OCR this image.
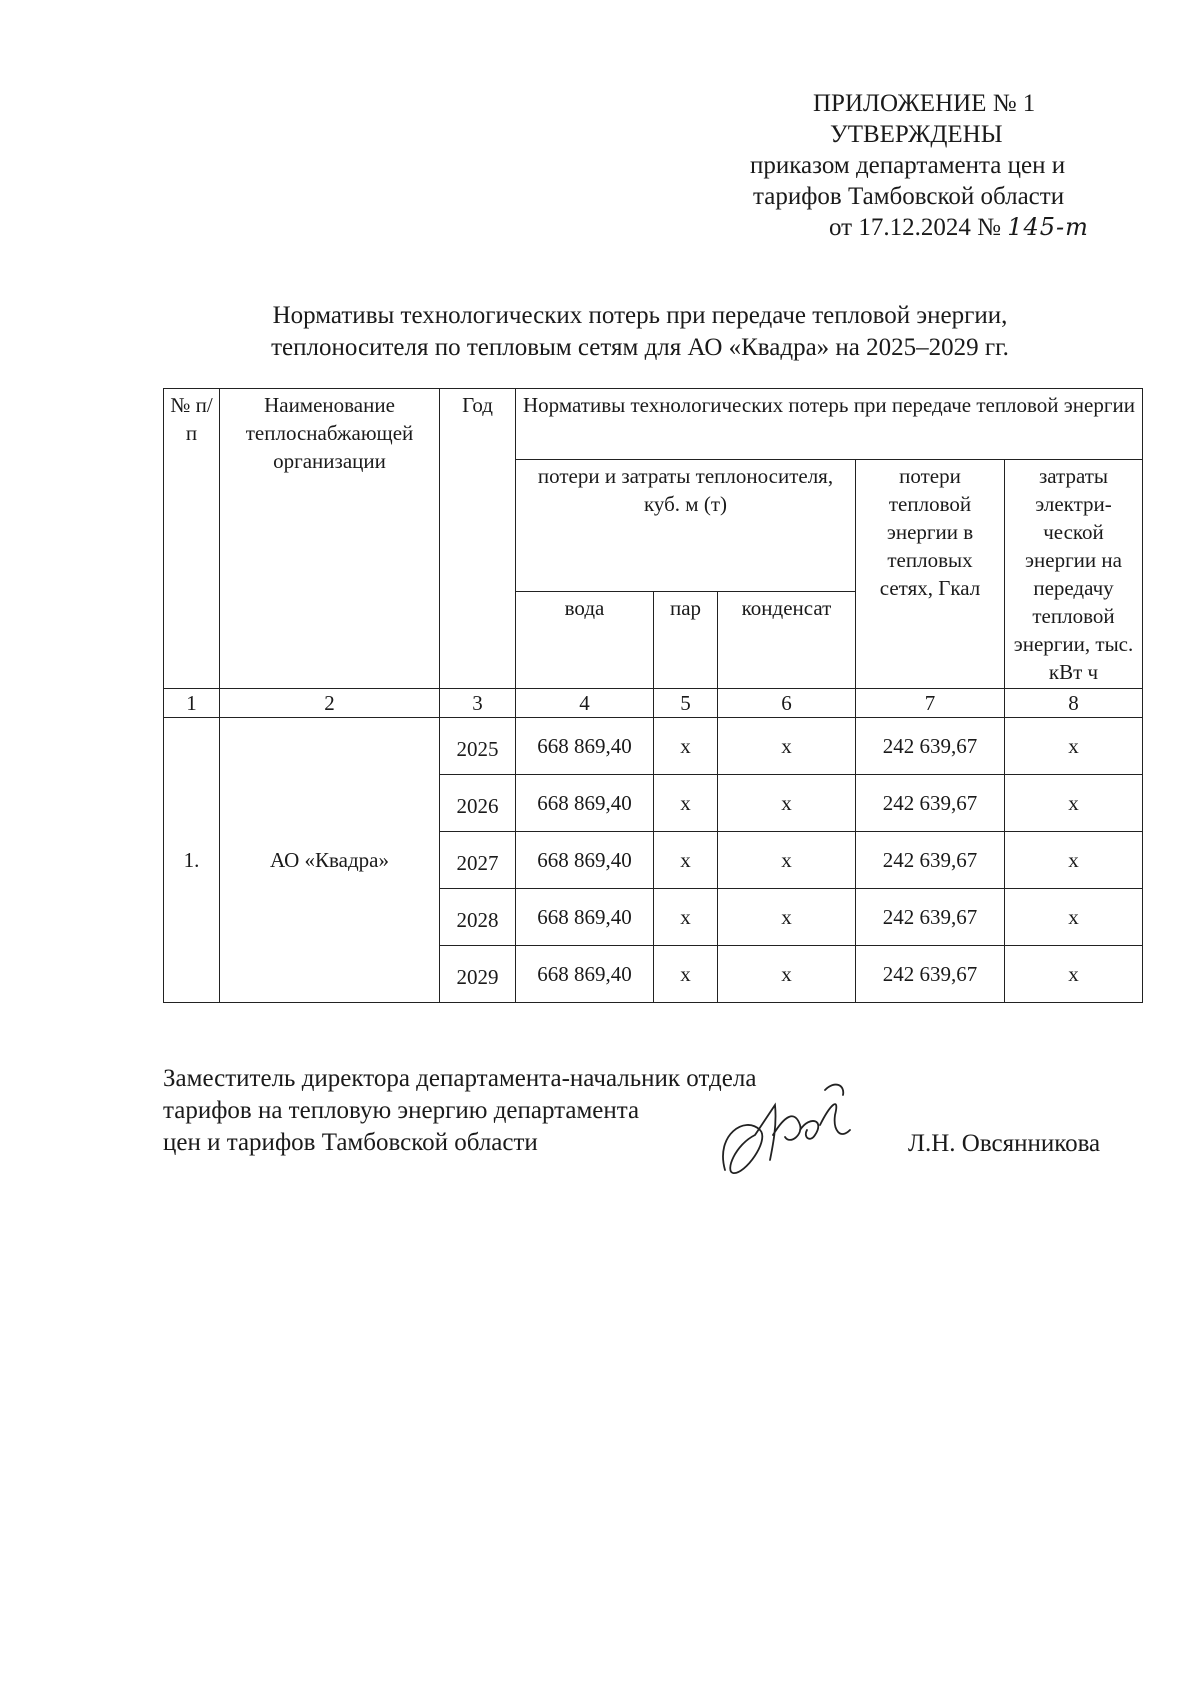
ПРИЛОЖЕНИЕ № 1
УТВЕРЖДЕНЫ
приказом департамента цен и
тарифов Тамбовской области
от 17.12.2024 № 145-т
Нормативы технологических потерь при передаче тепловой энергии,
теплоносителя по тепловым сетям для АО «Квадра» на 2025–2029 гг.
№ п/п	Наименование теплоснабжающей организации	Год	Нормативы технологических потерь при передаче тепловой энергии				
			потери и затраты теплоносителя, куб. м (т)			потери тепловой энергии в тепловых сетях, Гкал	затраты электри-ческой энергии на передачу тепловой энергии, тыс. кВт ч
			вода	пар	конденсат		
1	2	3	4	5	6	7	8
1.	АО «Квадра»	2025	668 869,40	х	х	242 639,67	х
		2026	668 869,40	х	х	242 639,67	х
		2027	668 869,40	х	х	242 639,67	х
		2028	668 869,40	х	х	242 639,67	х
		2029	668 869,40	х	х	242 639,67	х
Заместитель директора департамента-начальник отдела
тарифов на тепловую энергию департамента
цен и тарифов Тамбовской области	Л.Н. Овсянникова
